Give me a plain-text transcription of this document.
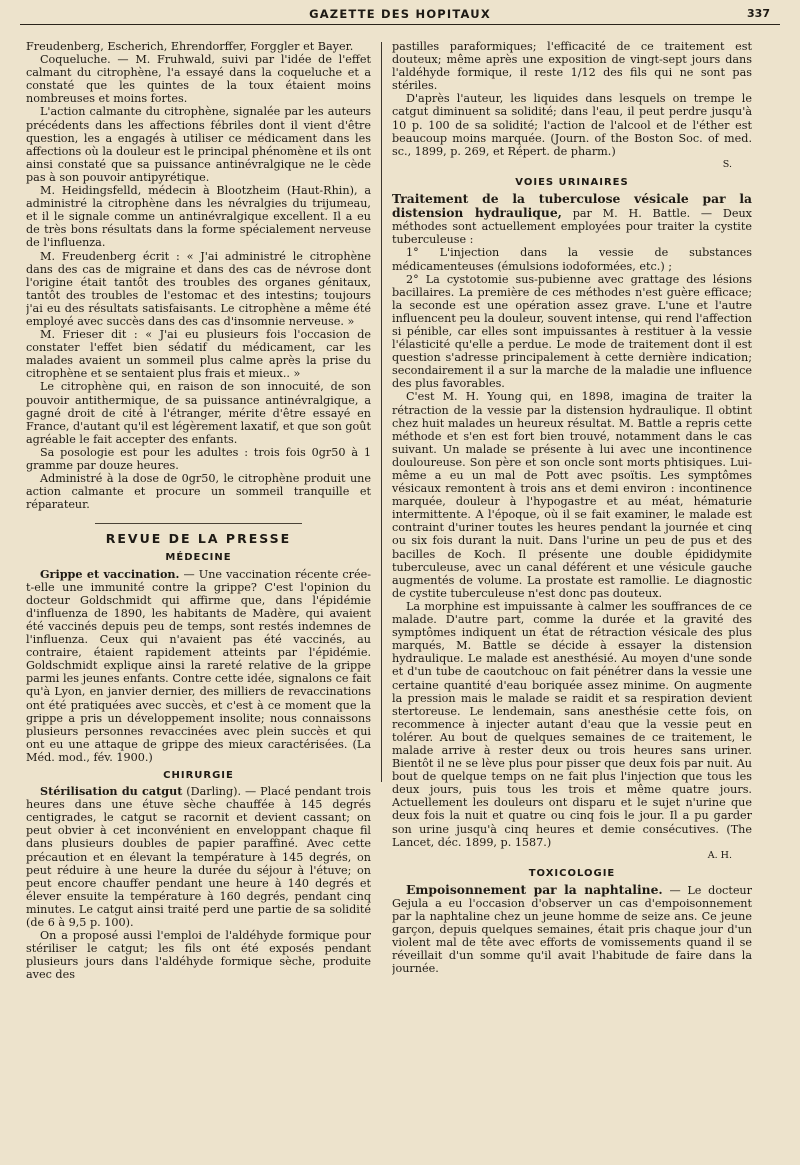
GAZETTE DES HOPITAUX	337

Freudenberg, Escherich, Ehrendorffer, Forggler et Bayer.

Coqueluche. — M. Fruhwald, suivi par l'idée de l'effet calmant du citrophène, l'a essayé dans la coqueluche et a constaté que les quintes de la toux étaient moins nombreuses et moins fortes.

L'action calmante du citrophène, signalée par les auteurs précédents dans les affections fébriles dont il vient d'être question, les a engagés à utiliser ce médicament dans les affections où la douleur est le principal phénomène et ils ont ainsi constaté que sa puissance antinévralgique ne le cède pas à son pouvoir antipyrétique.

M. Heidingsfelld, médecin à Blootzheim (Haut-Rhin), a administré la citrophène dans les névralgies du trijumeau, et il le signale comme un antinévralgique excellent. Il a eu de très bons résultats dans la forme spécialement nerveuse de l'influenza.

M. Freudenberg écrit : « J'ai administré le citrophène dans des cas de migraine et dans des cas de névrose dont l'origine était tantôt des troubles des organes génitaux, tantôt des troubles de l'estomac et des intestins; toujours j'ai eu des résultats satisfaisants. Le citrophène a même été employé avec succès dans des cas d'insomnie nerveuse. »

M. Frieser dit : « J'ai eu plusieurs fois l'occasion de constater l'effet bien sédatif du médicament, car les malades avaient un sommeil plus calme après la prise du citrophène et se sentaient plus frais et mieux.. »

Le citrophène qui, en raison de son innocuité, de son pouvoir antithermique, de sa puissance antinévralgique, a gagné droit de cité à l'étranger, mérite d'être essayé en France, d'autant qu'il est légèrement laxatif, et que son goût agréable le fait accepter des enfants.

Sa posologie est pour les adultes : trois fois 0gr50 à 1 gramme par douze heures.

Administré à la dose de 0gr50, le citrophène produit une action calmante et procure un sommeil tranquille et réparateur.

REVUE DE LA PRESSE
MÉDECINE

Grippe et vaccination. — Une vaccination récente crée-t-elle une immunité contre la grippe? C'est l'opinion du docteur Goldschmidt qui affirme que, dans l'épidémie d'influenza de 1890, les habitants de Madère, qui avaient été vaccinés depuis peu de temps, sont restés indemnes de l'influenza. Ceux qui n'avaient pas été vaccinés, au contraire, étaient rapidement atteints par l'épidémie. Goldschmidt explique ainsi la rareté relative de la grippe parmi les jeunes enfants. Contre cette idée, signalons ce fait qu'à Lyon, en janvier dernier, des milliers de revaccinations ont été pratiquées avec succès, et c'est à ce moment que la grippe a pris un développement insolite; nous connaissons plusieurs personnes revaccinées avec plein succès et qui ont eu une attaque de grippe des mieux caractérisées. (La Méd. mod., fév. 1900.)

CHIRURGIE

Stérilisation du catgut (Darling). — Placé pendant trois heures dans une étuve sèche chauffée à 145 degrés centigrades, le catgut se racornit et devient cassant; on peut obvier à cet inconvénient en enveloppant chaque fil dans plusieurs doubles de papier paraffiné. Avec cette précaution et en élevant la température à 145 degrés, on peut réduire à une heure la durée du séjour à l'étuve; on peut encore chauffer pendant une heure à 140 degrés et élever ensuite la température à 160 degrés, pendant cinq minutes. Le catgut ainsi traité perd une partie de sa solidité (de 6 à 9,5 p. 100).

On a proposé aussi l'emploi de l'aldéhyde formique pour stériliser le catgut; les fils ont été exposés pendant plusieurs jours dans l'aldéhyde formique sèche, produite avec des

pastilles paraformiques; l'efficacité de ce traitement est douteux; même après une exposition de vingt-sept jours dans l'aldéhyde formique, il reste 1/12 des fils qui ne sont pas stériles.

D'après l'auteur, les liquides dans lesquels on trempe le catgut diminuent sa solidité; dans l'eau, il peut perdre jusqu'à 10 p. 100 de sa solidité; l'action de l'alcool et de l'éther est beaucoup moins marquée. (Journ. of the Boston Soc. of med. sc., 1899, p. 269, et Répert. de pharm.)

S.
VOIES URINAIRES

Traitement de la tuberculose vésicale par la distension hydraulique, par M. H. Battle. — Deux méthodes sont actuellement employées pour traiter la cystite tuberculeuse :

1° L'injection dans la vessie de substances médicamenteuses (émulsions iodoformées, etc.) ;

2° La cystotomie sus-pubienne avec grattage des lésions bacillaires. La première de ces méthodes n'est guère efficace; la seconde est une opération assez grave. L'une et l'autre influencent peu la douleur, souvent intense, qui rend l'affection si pénible, car elles sont impuissantes à restituer à la vessie l'élasticité qu'elle a perdue. Le mode de traitement dont il est question s'adresse principalement à cette dernière indication; secondairement il a sur la marche de la maladie une influence des plus favorables.

C'est M. H. Young qui, en 1898, imagina de traiter la rétraction de la vessie par la distension hydraulique. Il obtint chez huit malades un heureux résultat. M. Battle a repris cette méthode et s'en est fort bien trouvé, notamment dans le cas suivant. Un malade se présente à lui avec une incontinence douloureuse. Son père et son oncle sont morts phtisiques. Lui-même a eu un mal de Pott avec psoïtis. Les symptômes vésicaux remontent à trois ans et demi environ : incontinence marquée, douleur à l'hypogastre et au méat, hématurie intermittente. A l'époque, où il se fait examiner, le malade est contraint d'uriner toutes les heures pendant la journée et cinq ou six fois durant la nuit. Dans l'urine un peu de pus et des bacilles de Koch. Il présente une double épididymite tuberculeuse, avec un canal déférent et une vésicule gauche augmentés de volume. La prostate est ramollie. Le diagnostic de cystite tuberculeuse n'est donc pas douteux.

La morphine est impuissante à calmer les souffrances de ce malade. D'autre part, comme la durée et la gravité des symptômes indiquent un état de rétraction vésicale des plus marqués, M. Battle se décide à essayer la distension hydraulique. Le malade est anesthésié. Au moyen d'une sonde et d'un tube de caoutchouc on fait pénétrer dans la vessie une certaine quantité d'eau boriquée assez minime. On augmente la pression mais le malade se raidit et sa respiration devient stertoreuse. Le lendemain, sans anesthésie cette fois, on recommence à injecter autant d'eau que la vessie peut en tolérer. Au bout de quelques semaines de ce traitement, le malade arrive à rester deux ou trois heures sans uriner. Bientôt il ne se lève plus pour pisser que deux fois par nuit. Au bout de quelque temps on ne fait plus l'injection que tous les deux jours, puis tous les trois et même quatre jours. Actuellement les douleurs ont disparu et le sujet n'urine que deux fois la nuit et quatre ou cinq fois le jour. Il a pu garder son urine jusqu'à cinq heures et demie consécutives. (The Lancet, déc. 1899, p. 1587.)

A. H.
TOXICOLOGIE

Empoisonnement par la naphtaline. — Le docteur Gejula a eu l'occasion d'observer un cas d'empoisonnement par la naphtaline chez un jeune homme de seize ans. Ce jeune garçon, depuis quelques semaines, était pris chaque jour d'un violent mal de tête avec efforts de vomissements quand il se réveillait d'un somme qu'il avait l'habitude de faire dans la journée.
